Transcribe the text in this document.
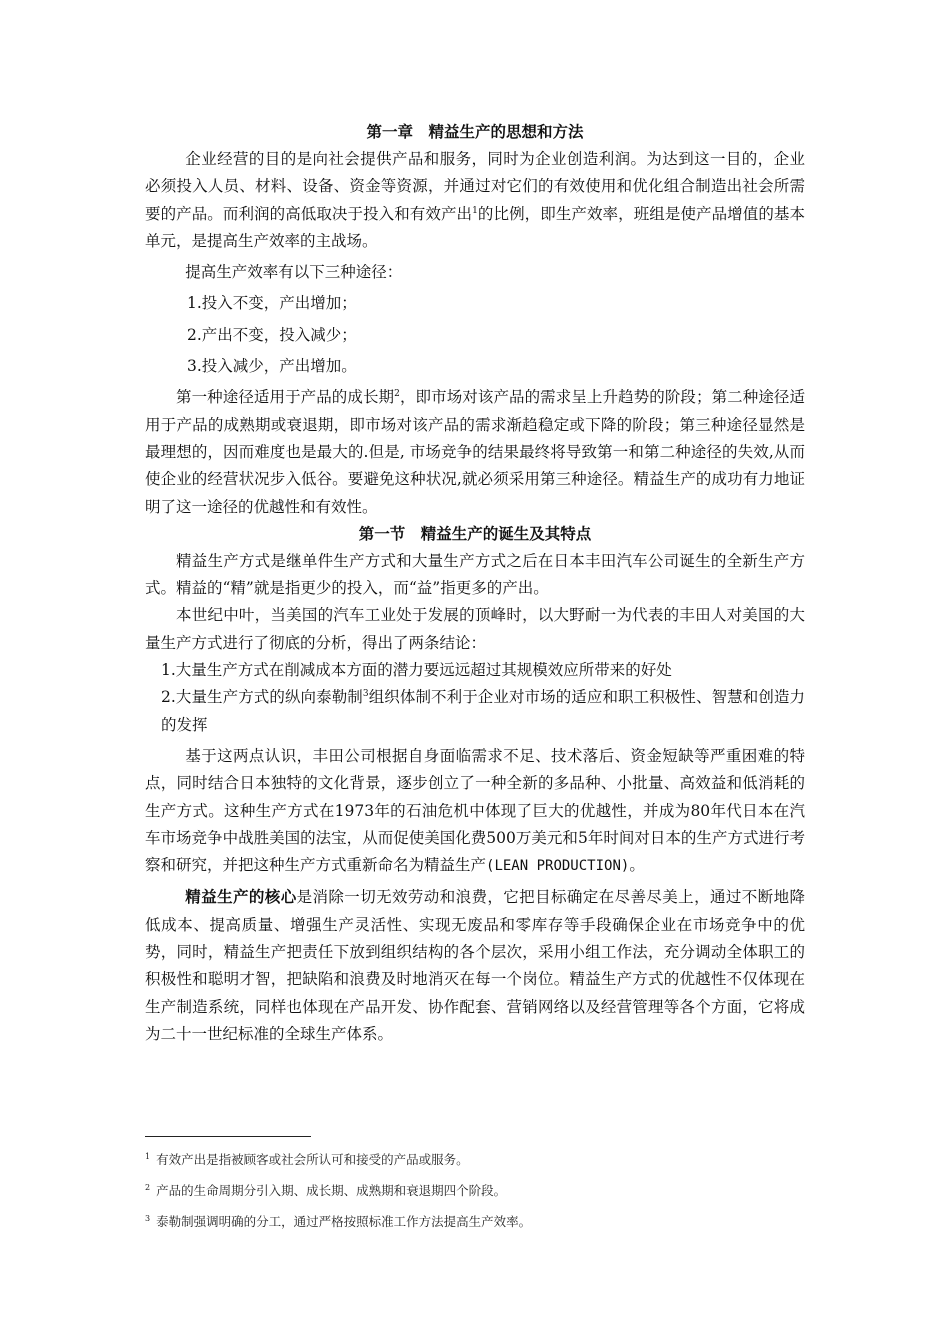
第一章　精益生产的思想和方法

企业经营的目的是向社会提供产品和服务，同时为企业创造利润。为达到这一目的，企业必须投入人员、材料、设备、资金等资源，并通过对它们的有效使用和优化组合制造出社会所需要的产品。而利润的高低取决于投入和有效产出$^1$的比例，即生产效率，班组是使产品增值的基本单元，是提高生产效率的主战场。

提高生产效率有以下三种途径：

1.投入不变，产出增加；

2.产出不变，投入减少；

3.投入减少，产出增加。

第一种途径适用于产品的成长期$^2$，即市场对该产品的需求呈上升趋势的阶段；第二种途径适用于产品的成熟期或衰退期，即市场对该产品的需求渐趋稳定或下降的阶段；第三种途径显然是最理想的，因而难度也是最大的.但是, 市场竞争的结果最终将导致第一和第二种途径的失效,从而使企业的经营状况步入低谷。要避免这种状况,就必须采用第三种途径。精益生产的成功有力地证明了这一途径的优越性和有效性。

第一节　精益生产的诞生及其特点

精益生产方式是继单件生产方式和大量生产方式之后在日本丰田汽车公司诞生的全新生产方式。精益的“精”就是指更少的投入，而“益”指更多的产出。

本世纪中叶，当美国的汽车工业处于发展的顶峰时，以大野耐一为代表的丰田人对美国的大量生产方式进行了彻底的分析，得出了两条结论：

1.大量生产方式在削减成本方面的潜力要远远超过其规模效应所带来的好处

2.大量生产方式的纵向泰勒制$^3$组织体制不利于企业对市场的适应和职工积极性、智慧和创造力的发挥

基于这两点认识，丰田公司根据自身面临需求不足、技术落后、资金短缺等严重困难的特点，同时结合日本独特的文化背景，逐步创立了一种全新的多品种、小批量、高效益和低消耗的生产方式。这种生产方式在1973年的石油危机中体现了巨大的优越性，并成为80年代日本在汽车市场竞争中战胜美国的法宝，从而促使美国化费500万美元和5年时间对日本的生产方式进行考察和研究，并把这种生产方式重新命名为精益生产(LEAN PRODUCTION)。

精益生产的核心是消除一切无效劳动和浪费，它把目标确定在尽善尽美上，通过不断地降低成本、提高质量、增强生产灵活性、实现无废品和零库存等手段确保企业在市场竞争中的优势，同时，精益生产把责任下放到组织结构的各个层次，采用小组工作法，充分调动全体职工的积极性和聪明才智，把缺陷和浪费及时地消灭在每一个岗位。精益生产方式的优越性不仅体现在生产制造系统，同样也体现在产品开发、协作配套、营销网络以及经营管理等各个方面，它将成为二十一世纪标准的全球生产体系。

$^1$ 有效产出是指被顾客或社会所认可和接受的产品或服务。

$^2$ 产品的生命周期分引入期、成长期、成熟期和衰退期四个阶段。

$^3$ 泰勒制强调明确的分工，通过严格按照标准工作方法提高生产效率。
